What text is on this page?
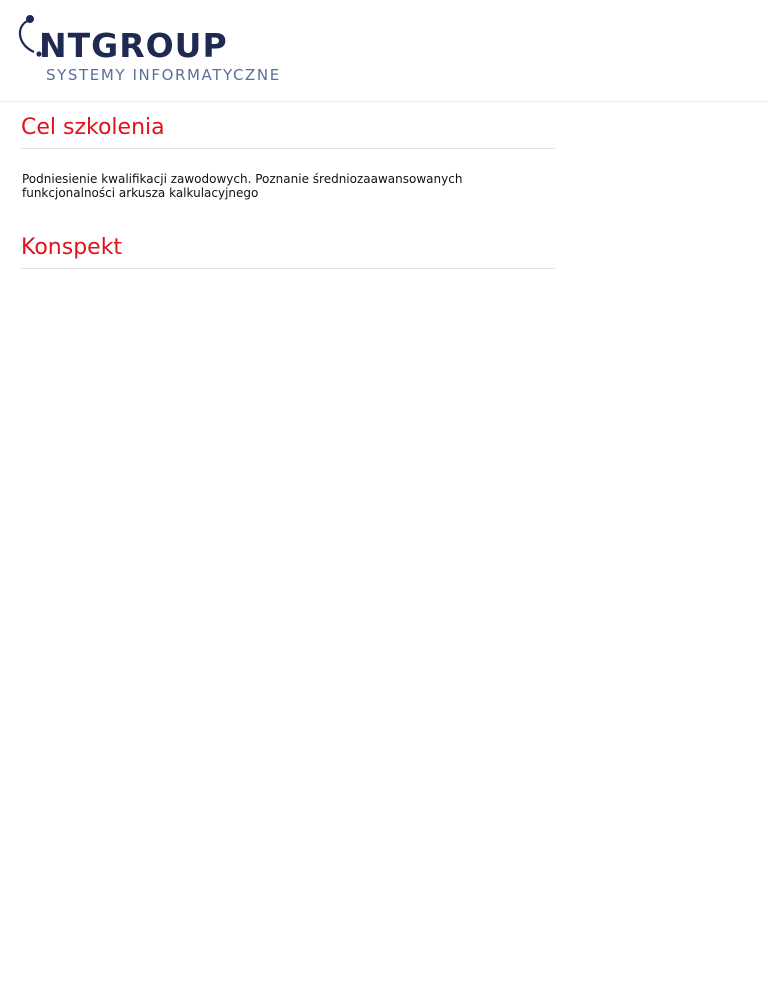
NTGROUP
SYSTEMY INFORMATYCZNE
Cel szkolenia

Podniesienie kwalifikacji zawodowych. Poznanie średniozaawansowanych funkcjonalności arkusza kalkulacyjnego

Konspekt
